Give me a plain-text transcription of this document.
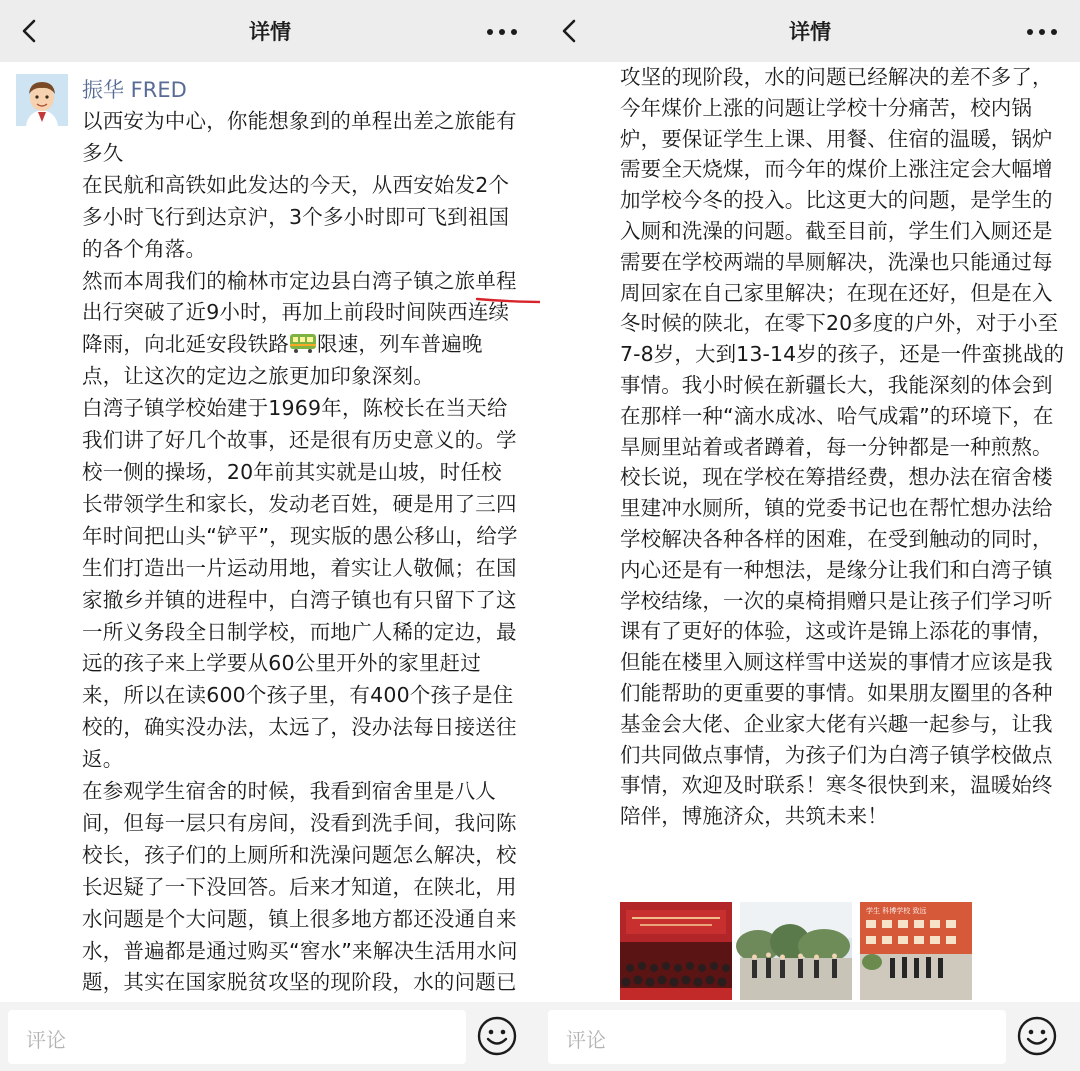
详情
振华 FRED

以西安为中心，你能想象到的单程出差之旅能有多久

在民航和高铁如此发达的今天，从西安始发2个多小时飞行到达京沪，3个多小时即可飞到祖国的各个角落。

然而本周我们的榆林市定边县白湾子镇之旅单程出行突破了近9小时
，再加上前段时间陕西连续降雨，向北延安段铁路 限速，列车普遍晚点，让这次的定边之旅更加印象深刻。

白湾子镇学校始建于1969年，陈校长在当天给我们讲了好几个故事，还是很有历史意义的。学校一侧的操场，20年前其实就是山坡，时任校长带领学生和家长，发动老百姓，硬是用了三四年时间把山头“铲平”，现实版的愚公移山，给学生们打造出一片运动用地，着实让人敬佩；在国家撤乡并镇的进程中，白湾子镇也有只留下了这一所义务段全日制学校，而地广人稀的定边，最远的孩子来上学要从60公里开外的家里赶过来，所以在读600个孩子里，有400个孩子是住校的，确实没办法，太远了，没办法每日接送往返。

在参观学生宿舍的时候，我看到宿舍里是八人间，但每一层只有房间，没看到洗手间，我问陈校长，孩子们的上厕所和洗澡问题怎么解决，校长迟疑了一下没回答。后来才知道，在陕北，用水问题是个大问题，镇上很多地方都还没通自来水，普遍都是通过购买“窖水”来解决生活用水问题，其实在国家脱贫攻坚的现阶段，水的问题已

评论
详情

攻坚的现阶段，水的问题已经解决的差不多了，今年煤价上涨的问题让学校十分痛苦，校内锅炉，要保证学生上课、用餐、住宿的温暖，锅炉需要全天烧煤，而今年的煤价上涨注定会大幅增加学校今冬的投入。比这更大的问题，是学生的入厕和洗澡的问题。截至目前，学生们入厕还是需要在学校两端的旱厕解决，洗澡也只能通过每周回家在自己家里解决；在现在还好，但是在入冬时候的陕北，在零下20多度的户外，对于小至7-8岁，大到13-14岁的孩子，还是一件蛮挑战的事情。我小时候在新疆长大，我能深刻的体会到在那样一种“滴水成冰、哈气成霜”的环境下，在旱厕里站着或者蹲着，每一分钟都是一种煎熬。校长说，现在学校在筹措经费，想办法在宿舍楼里建冲水厕所，镇的党委书记也在帮忙想办法给学校解决各种各样的困难，在受到触动的同时，内心还是有一种想法，是缘分让我们和白湾子镇学校结缘，一次的桌椅捐赠只是让孩子们学习听课有了更好的体验，这或许是锦上添花的事情，但能在楼里入厕这样雪中送炭的事情才应该是我们能帮助的更重要的事情。如果朋友圈里的各种基金会大佬、企业家大佬有兴趣一起参与，让我们共同做点事情，为孩子们为白湾子镇学校做点事情，欢迎及时联系！寒冬很快到来，温暖始终陪伴，博施济众，共筑未来！

学生 科博学校 致远
评论
